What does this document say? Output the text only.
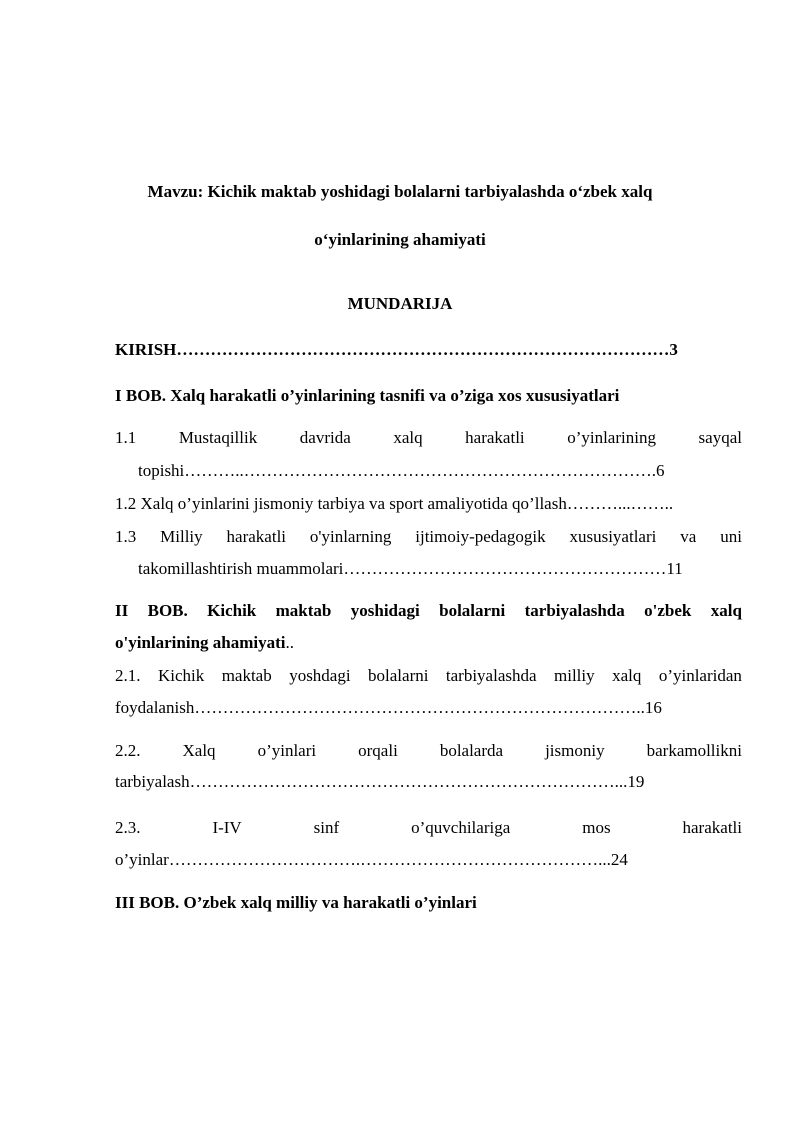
Mavzu: Kichik maktab yoshidagi bolalarni tarbiyalashda o‘zbek xalq

o‘yinlarining ahamiyati

MUNDARIJA

KIRISH……………………………………………………………………………3

I BOB. Xalq harakatli o’yinlarining tasnifi va o’ziga xos xususiyatlari

1.1	Mustaqillik	davrida	xalq	harakatli	o’yinlarining	sayqal

topishi………..……………………………………………………………….6

1.2 Xalq o’yinlarini jismoniy tarbiya va sport amaliyotida qo’llash………...……..

1.3 Milliy harakatli o'yinlarning ijtimoiy-pedagogik xususiyatlari va uni

takomillashtirish muammolari…………………………………………………11

II BOB. Kichik maktab yoshidagi bolalarni tarbiyalashda o'zbek xalq

o'yinlarining ahamiyati..

2.1. Kichik maktab yoshdagi bolalarni tarbiyalashda milliy xalq o’yinlaridan

foydalanish……………………………………………………………………..16

2.2. Xalq o’yinlari orqali bolalarda jismoniy barkamollikni

tarbiyalash…………………………………………………………………...19

2.3.	I-IV	sinf	o’quvchilariga	mos	harakatli

o’yinlar…………………………….……………………………………...24

III BOB. O’zbek xalq milliy va harakatli o’yinlari
